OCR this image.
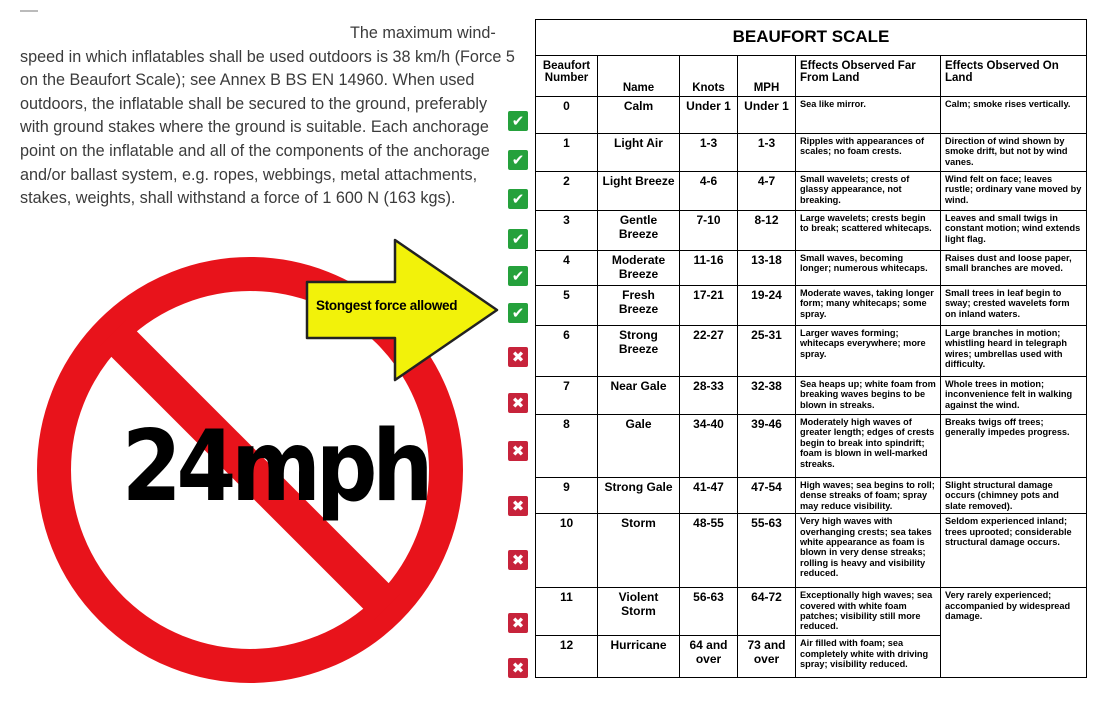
The maximum wind-
speed in which inflatables shall be used outdoors is 38 km/h (Force 5 on the Beaufort Scale); see Annex B BS EN 14960. When used outdoors, the inflatable shall be secured to the ground, preferably with ground stakes where the ground is suitable. Each anchorage point on the inflatable and all of the components of the anchorage and/or ballast system, e.g. ropes, webbings, metal attachments, stakes, weights, shall withstand a force of 1 600 N (163 kgs).
24mph
Stongest force allowed
✔
✔
✔
✔
✔
✔
✖
✖
✖
✖
✖
✖
✖
BEAUFORT SCALE
Beaufort Number	Name	Knots	MPH	Effects Observed Far From Land	Effects Observed On Land
0	Calm	Under 1	Under 1	Sea like mirror.	Calm; smoke rises vertically.
1	Light Air	1-3	1-3	Ripples with appearances of scales; no foam crests.	Direction of wind shown by smoke drift, but not by wind vanes.
2	Light Breeze	4-6	4-7	Small wavelets; crests of glassy appearance, not breaking.	Wind felt on face; leaves rustle; ordinary vane moved by wind.
3	Gentle Breeze	7-10	8-12	Large wavelets; crests begin to break; scattered whitecaps.	Leaves and small twigs in constant motion; wind extends light flag.
4	Moderate Breeze	11-16	13-18	Small waves, becoming longer; numerous whitecaps.	Raises dust and loose paper, small branches are moved.
5	Fresh Breeze	17-21	19-24	Moderate waves, taking longer form; many whitecaps; some spray.	Small trees in leaf begin to sway; crested wavelets form on inland waters.
6	Strong Breeze	22-27	25-31	Larger waves forming; whitecaps everywhere; more spray.	Large branches in motion; whistling heard in telegraph wires; umbrellas used with difficulty.
7	Near Gale	28-33	32-38	Sea heaps up; white foam from breaking waves begins to be blown in streaks.	Whole trees in motion; inconvenience felt in walking against the wind.
8	Gale	34-40	39-46	Moderately high waves of greater length; edges of crests begin to break into spindrift; foam is blown in well-marked streaks.	Breaks twigs off trees; generally impedes progress.
9	Strong Gale	41-47	47-54	High waves; sea begins to roll; dense streaks of foam; spray may reduce visibility.	Slight structural damage occurs (chimney pots and slate removed).
10	Storm	48-55	55-63	Very high waves with overhanging crests; sea takes white appearance as foam is blown in very dense streaks; rolling is heavy and visibility reduced.	Seldom experienced inland; trees uprooted; considerable structural damage occurs.
11	Violent Storm	56-63	64-72	Exceptionally high waves; sea covered with white foam patches; visibility still more reduced.	Very rarely experienced; accompanied by widespread damage.
12	Hurricane	64 and over	73 and over	Air filled with foam; sea completely white with driving spray; visibility reduced.	
